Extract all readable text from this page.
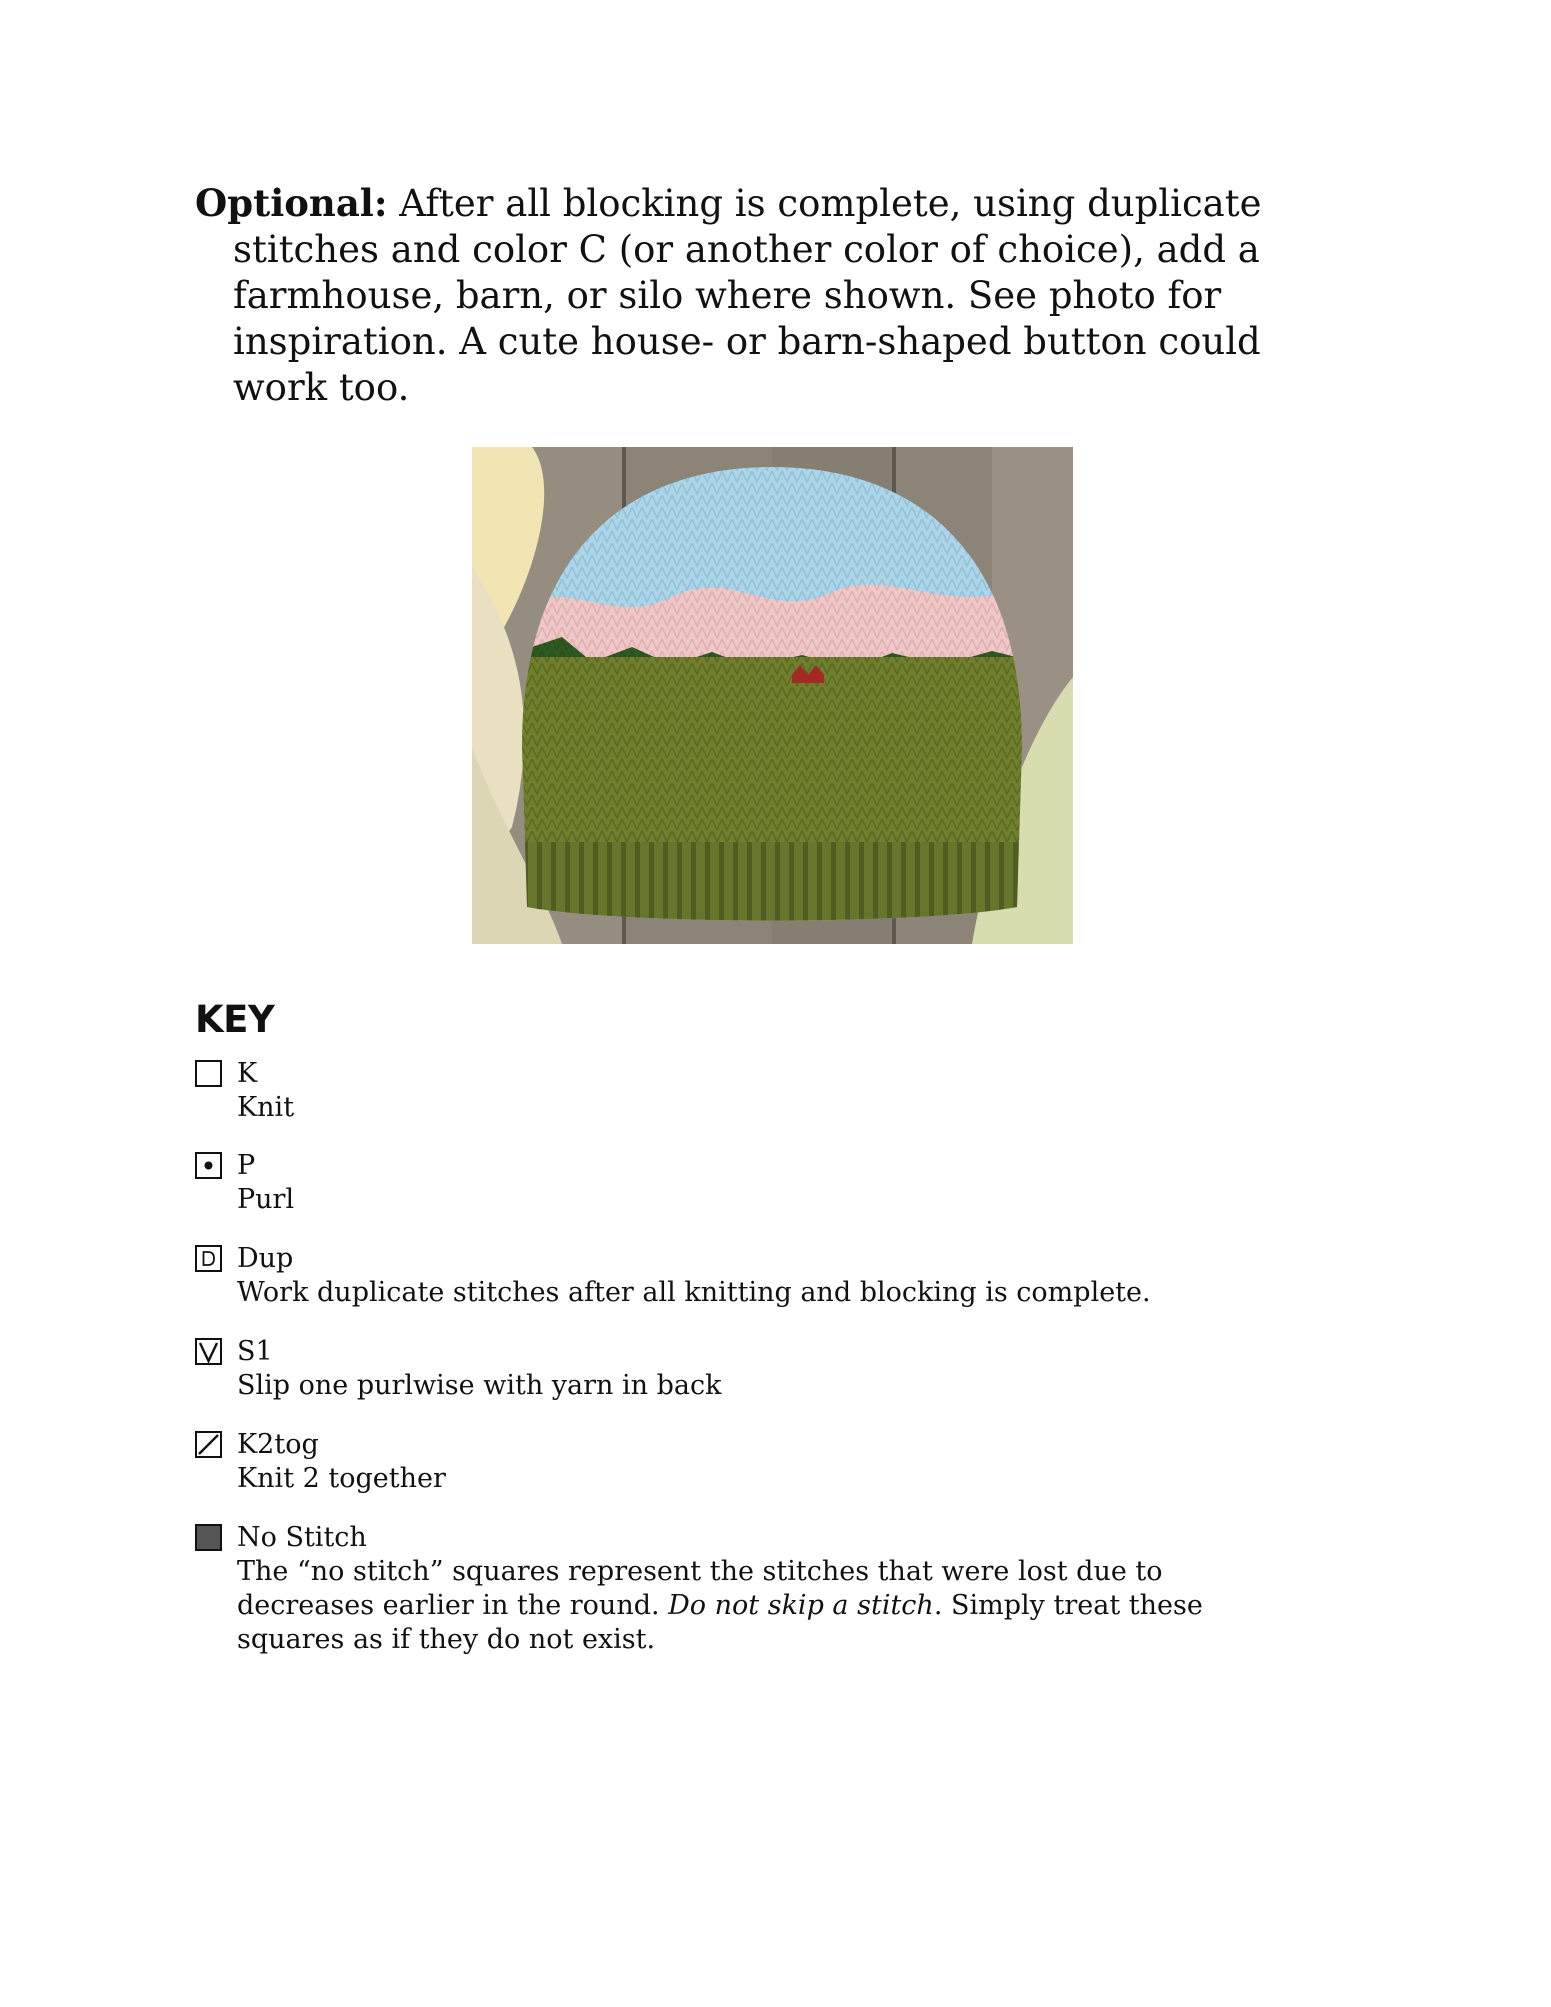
Optional: After all blocking is complete, using duplicate stitches and color C (or another color of choice), add a farmhouse, barn, or silo where shown. See photo for inspiration. A cute house- or barn-shaped button could work too.
KEY
K
Knit
P
Purl
Dup
Work duplicate stitches after all knitting and blocking is complete.
S1
Slip one purlwise with yarn in back
K2tog
Knit 2 together
No Stitch
The “no stitch” squares represent the stitches that were lost due to decreases earlier in the round. Do not skip a stitch. Simply treat these squares as if they do not exist.
